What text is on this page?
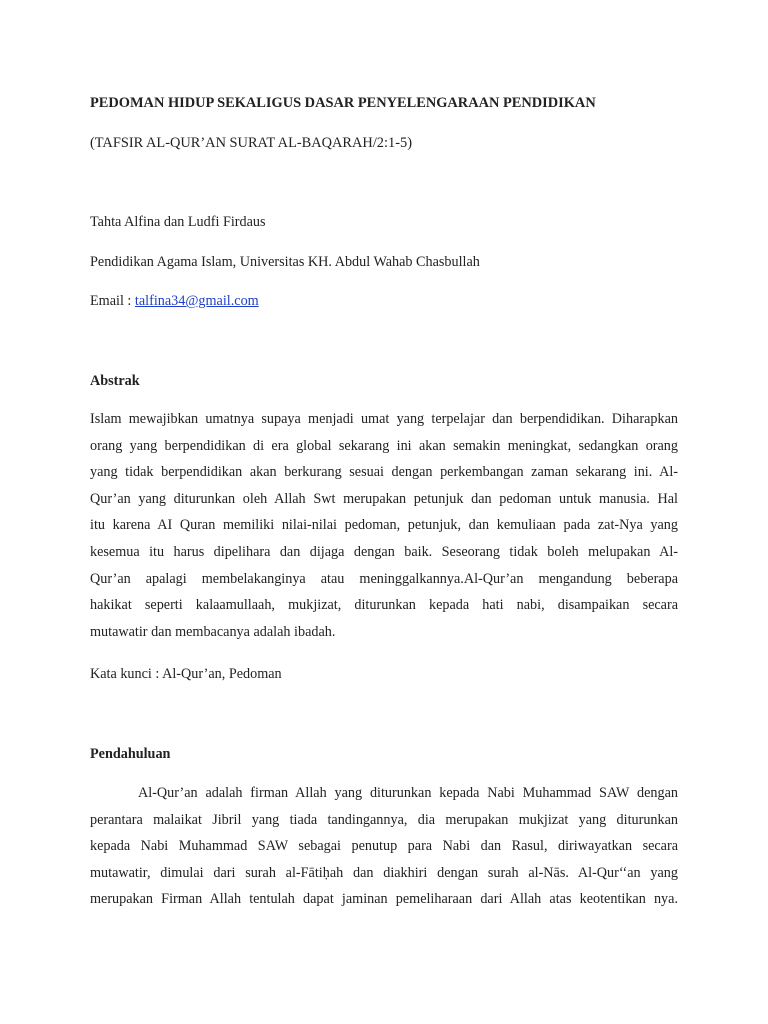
PEDOMAN HIDUP SEKALIGUS DASAR PENYELENGARAAN PENDIDIKAN
(TAFSIR AL-QUR’AN SURAT AL-BAQARAH/2:1-5)
Tahta Alfina dan Ludfi Firdaus
Pendidikan Agama Islam, Universitas KH. Abdul Wahab Chasbullah
Email : talfina34@gmail.com
Abstrak
Islam mewajibkan umatnya supaya menjadi umat yang terpelajar dan berpendidikan. Diharapkan
orang yang berpendidikan di era global sekarang ini akan semakin meningkat, sedangkan orang
yang tidak berpendidikan akan berkurang sesuai dengan perkembangan zaman sekarang ini. Al-
Qur’an yang diturunkan oleh Allah Swt merupakan petunjuk dan pedoman untuk manusia. Hal
itu karena AI Quran memiliki nilai-nilai pedoman, petunjuk, dan kemuliaan pada zat-Nya yang
kesemua itu harus dipelihara dan dijaga dengan baik. Seseorang tidak boleh melupakan Al-
Qur’an apalagi membelakanginya atau meninggalkannya.Al-Qur’an mengandung beberapa
hakikat seperti kalaamullaah, mukjizat, diturunkan kepada hati nabi, disampaikan secara
mutawatir dan membacanya adalah ibadah.
Kata kunci : Al-Qur’an, Pedoman
Pendahuluan
Al-Qur’an adalah firman Allah yang diturunkan kepada Nabi Muhammad SAW dengan
perantara malaikat Jibril yang tiada tandingannya, dia merupakan mukjizat yang diturunkan
kepada Nabi Muhammad SAW sebagai penutup para Nabi dan Rasul, diriwayatkan secara
mutawatir, dimulai dari surah al-Fātiḥah dan diakhiri dengan surah al-Nās. Al-Qur‘‘an yang
merupakan Firman Allah tentulah dapat jaminan pemeliharaan dari Allah atas keotentikan nya.
